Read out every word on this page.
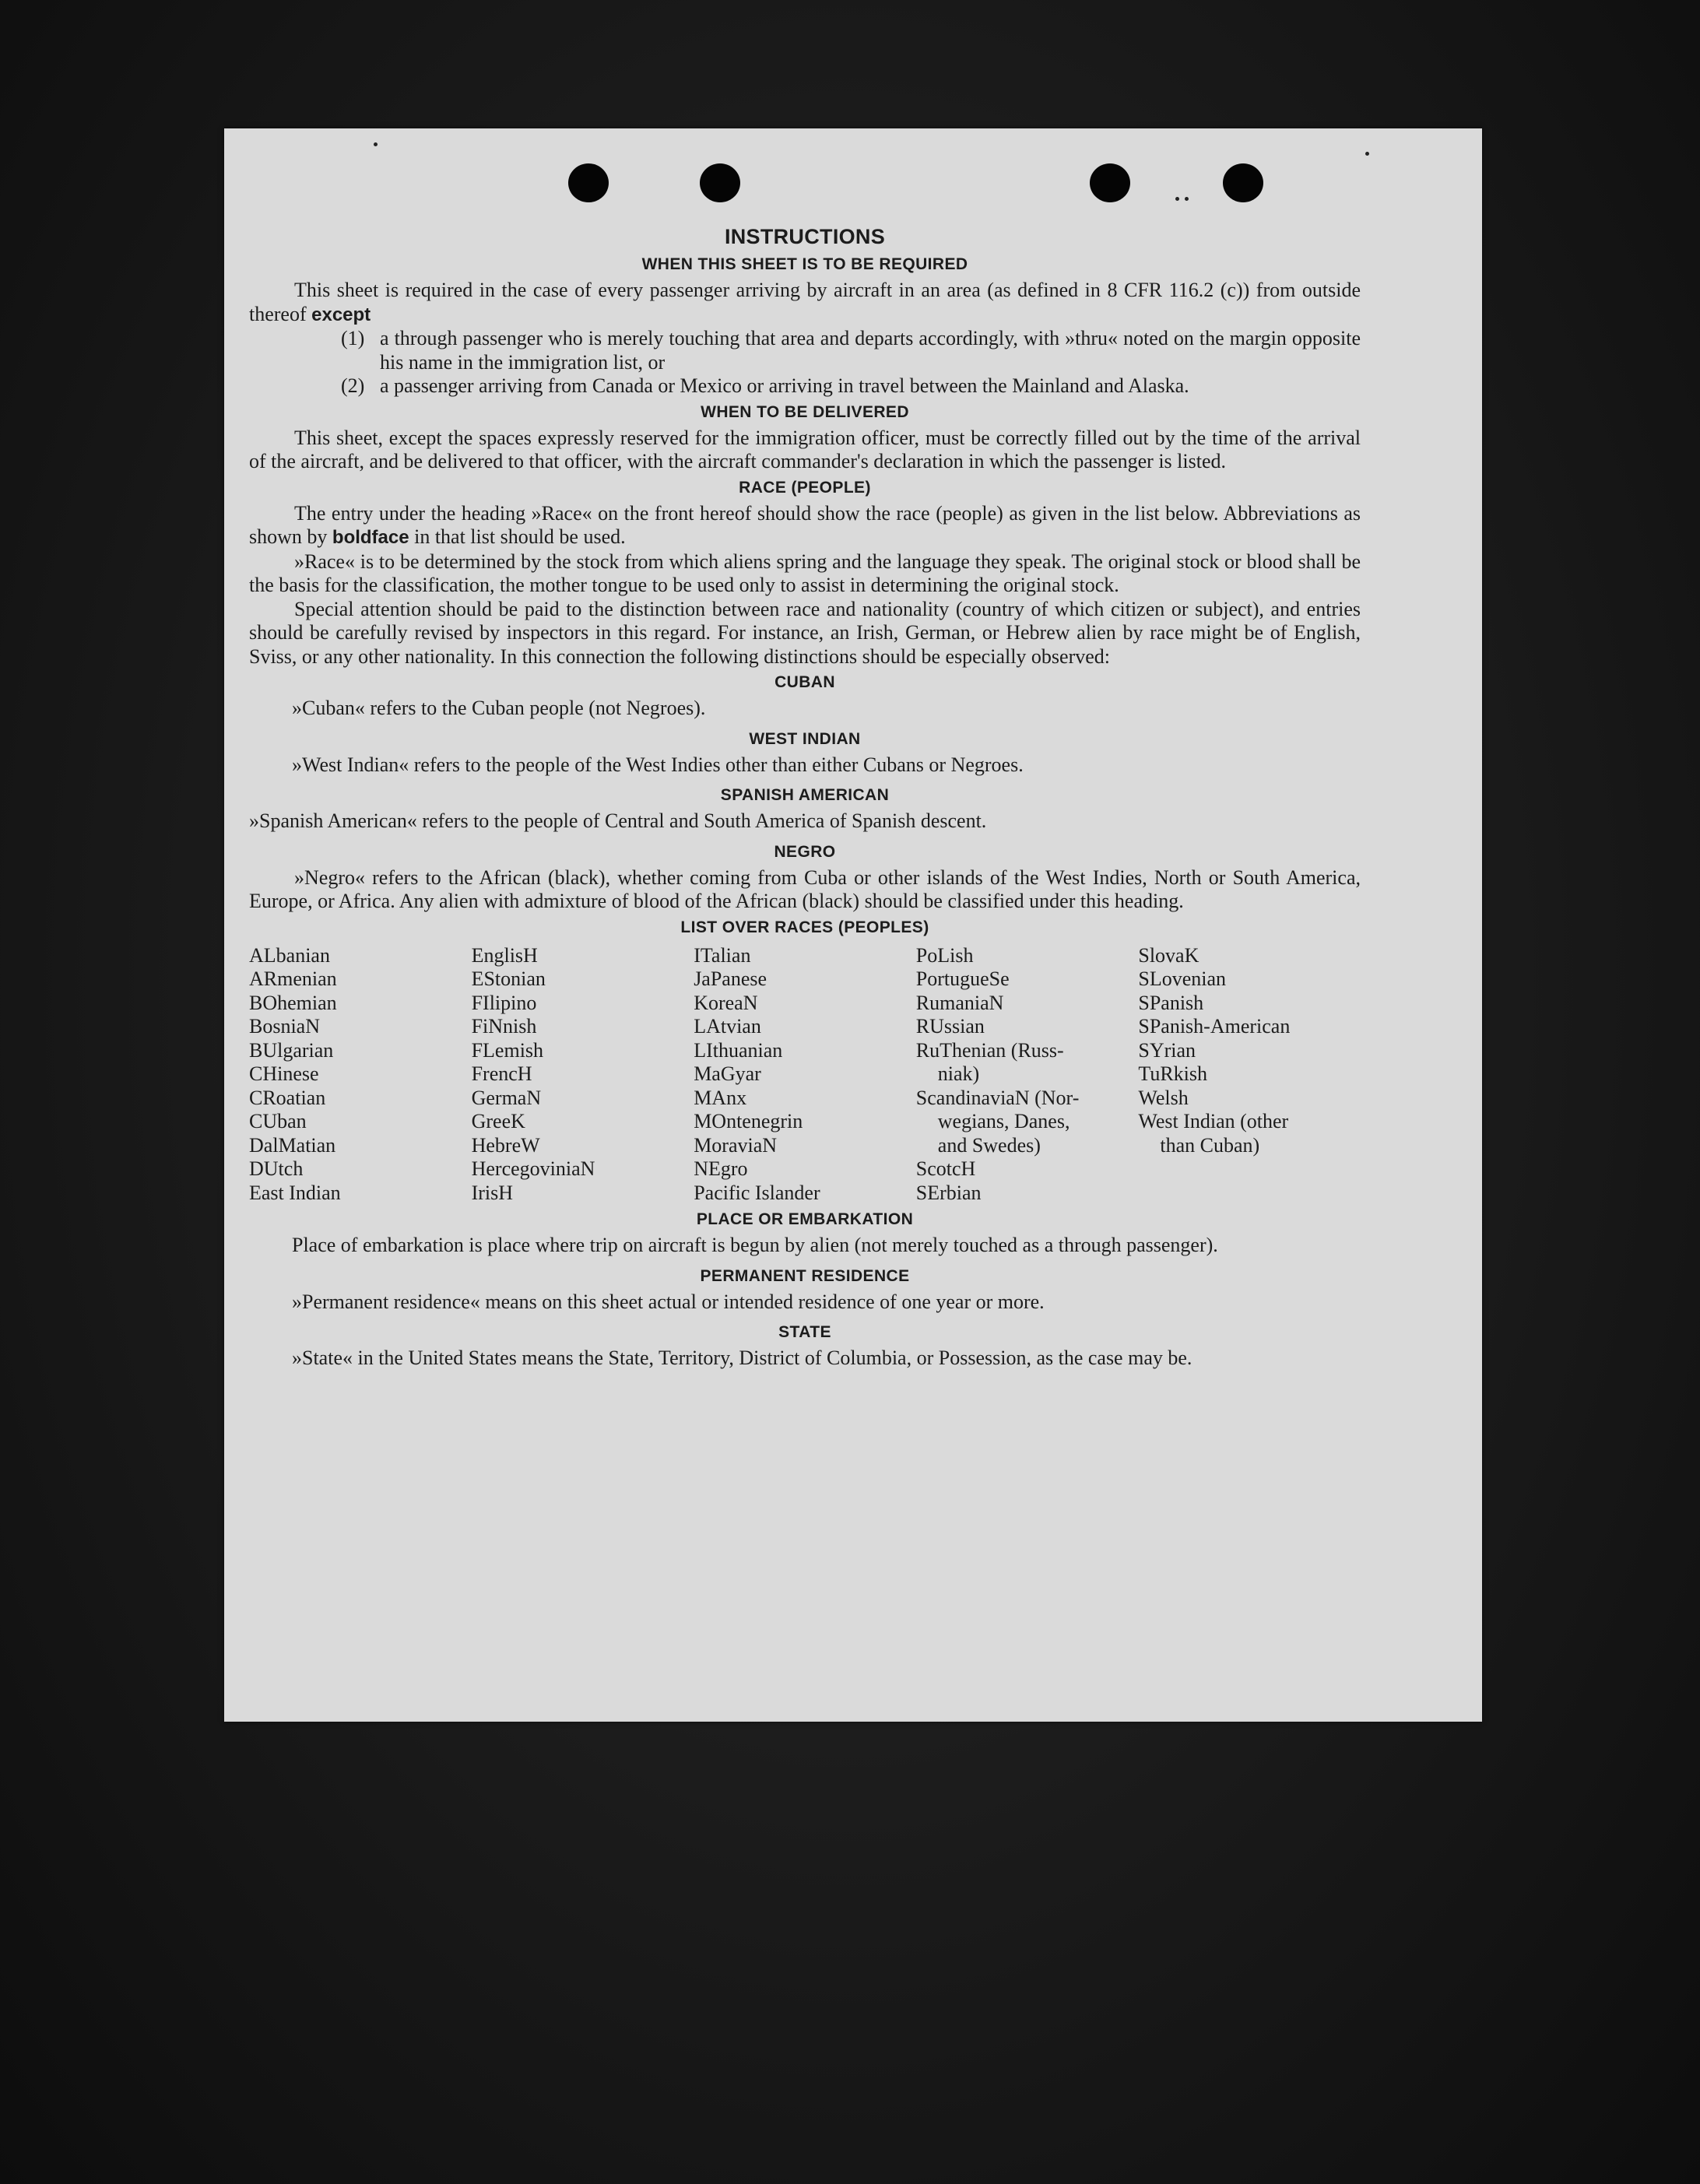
INSTRUCTIONS
WHEN THIS SHEET IS TO BE REQUIRED

This sheet is required in the case of every passenger arriving by aircraft in an area (as defined in 8 CFR 116.2 (c)) from outside thereof except

(1) a through passenger who is merely touching that area and departs accordingly, with »thru« noted on the margin opposite his name in the immigration list, or

(2) a passenger arriving from Canada or Mexico or arriving in travel between the Mainland and Alaska.

WHEN TO BE DELIVERED

This sheet, except the spaces expressly reserved for the immigration officer, must be correctly filled out by the time of the arrival of the aircraft, and be delivered to that officer, with the aircraft commander's declaration in which the passenger is listed.

RACE (PEOPLE)

The entry under the heading »Race« on the front hereof should show the race (people) as given in the list below. Abbreviations as shown by boldface in that list should be used.

»Race« is to be determined by the stock from which aliens spring and the language they speak. The original stock or blood shall be the basis for the classification, the mother tongue to be used only to assist in determining the original stock.

Special attention should be paid to the distinction between race and nationality (country of which citizen or subject), and entries should be carefully revised by inspectors in this regard. For instance, an Irish, German, or Hebrew alien by race might be of English, Sviss, or any other nationality. In this connection the following distinctions should be especially observed:

CUBAN

»Cuban« refers to the Cuban people (not Negroes).

WEST INDIAN

»West Indian« refers to the people of the West Indies other than either Cubans or Negroes.

SPANISH AMERICAN

»Spanish American« refers to the people of Central and South America of Spanish descent.

NEGRO

»Negro« refers to the African (black), whether coming from Cuba or other islands of the West Indies, North or South America, Europe, or Africa. Any alien with admixture of blood of the African (black) should be classified under this heading.

LIST OVER RACES (PEOPLES)
ALbanian
ARmenian
BOhemian
BosniaN
BUlgarian
CHinese
CRoatian
CUban
DalMatian
DUtch
East Indian
EnglisH
EStonian
FIlipino
FiNnish
FLemish
FrencH
GermaN
GreeK
HebreW
HercegoviniaN
IrisH
ITalian
JaPanese
KoreaN
LAtvian
LIthuanian
MaGyar
MAnx
MOntenegrin
MoraviaN
NEgro
Pacific Islander
PoLish
PortugueSe
RumaniaN
RUssian
RuThenian (Russ-
niak)
ScandinaviaN (Nor-
wegians, Danes,
and Swedes)
ScotcH
SErbian
SlovaK
SLovenian
SPanish
SPanish-American
SYrian
TuRkish
Welsh
West Indian (other
than Cuban)
PLACE OR EMBARKATION

Place of embarkation is place where trip on aircraft is begun by alien (not merely touched as a through passenger).

PERMANENT RESIDENCE

»Permanent residence« means on this sheet actual or intended residence of one year or more.

STATE

»State« in the United States means the State, Territory, District of Columbia, or Possession, as the case may be.
